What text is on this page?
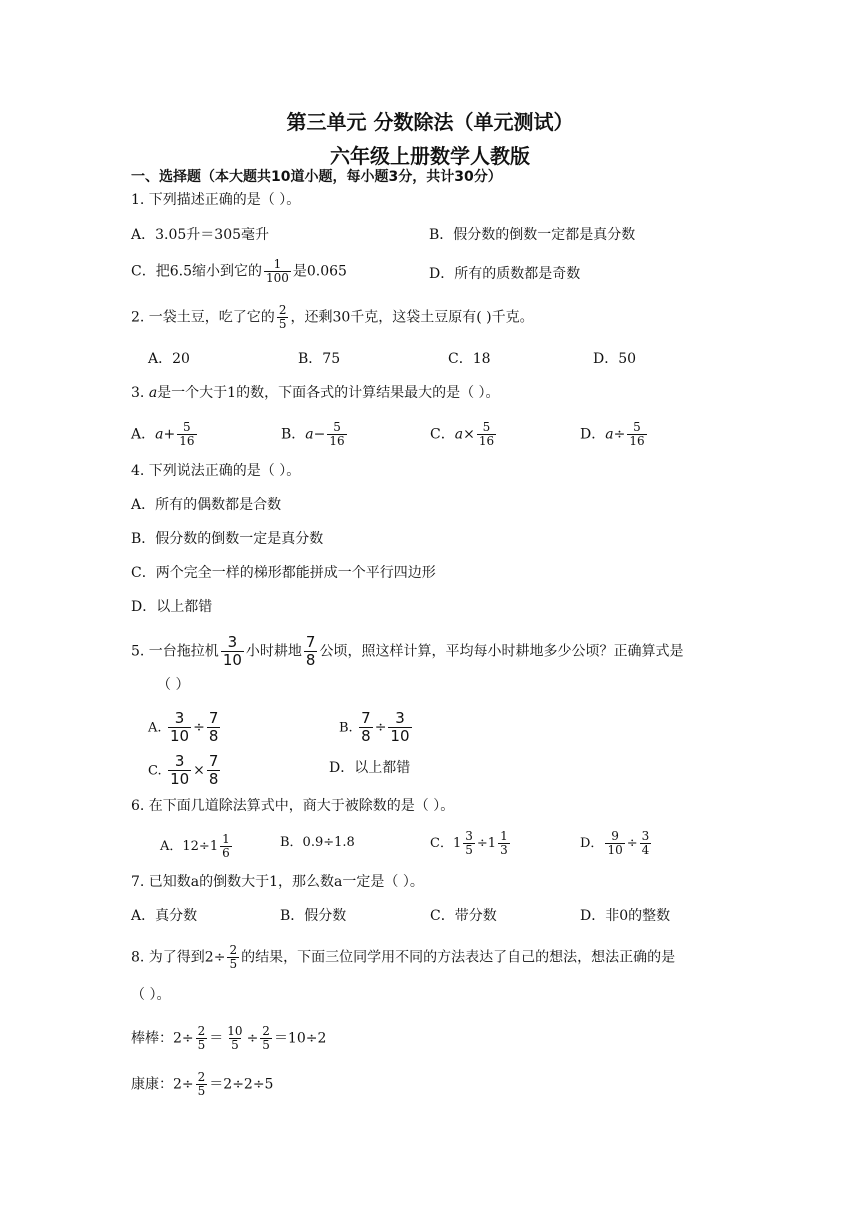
第三单元 分数除法（单元测试）
六年级上册数学人教版
一、选择题（本大题共10道小题，每小题3分，共计30分）
1. 下列描述正确的是（ ）。
A．3.05升＝305毫升	B．假分数的倒数一定都是真分数
C．把6.5缩小到它的 $\frac{1}{100}$ 是0.065	D．所有的质数都是奇数
2. 一袋土豆，吃了它的 $\frac{2}{5}$ ，还剩30千克，这袋土豆原有( )千克。
A．20	B．75	C．18	D．50
3. a是一个大于1的数，下面各式的计算结果最大的是（ ）。
A．$a+ \frac{5}{16}$	B．$a- \frac{5}{16}$	C．$a\times \frac{5}{16}$	D．$a\div \frac{5}{16}$
4. 下列说法正确的是（ ）。
A．所有的偶数都是合数
B．假分数的倒数一定是真分数
C．两个完全一样的梯形都能拼成一个平行四边形
D．以上都错
5. 一台拖拉机 $\frac{3}{10}$ 小时耕地 $\frac{7}{8}$ 公顷，照这样计算，平均每小时耕地多少公顷？正确算式是
（ ）
A. $\frac{3}{10} \div \frac{7}{8}$	B. $\frac{7}{8} \div \frac{3}{10}$
C. $\frac{3}{10} \times \frac{7}{8}$	D．以上都错
6. 在下面几道除法算式中，商大于被除数的是（ ）。
A．$12\div 1 \frac{1}{6}$	B．0.9÷1.8	C．$1 \frac{3}{5} \div 1 \frac{1}{3}$	D． $\frac{9}{10} \div \frac{3}{4}$
7. 已知数a的倒数大于1，那么数a一定是（ ）。
A．真分数	B．假分数	C．带分数	D．非0的整数
8. 为了得到$2\div \frac{2}{5}$ 的结果，下面三位同学用不同的方法表达了自己的想法，想法正确的是
（ ）。
棒棒：$2\div \frac{2}{5} = \frac{10}{5} \div \frac{2}{5} =10\div 2$
康康：$2\div \frac{2}{5} =2\div 2\div 5$
